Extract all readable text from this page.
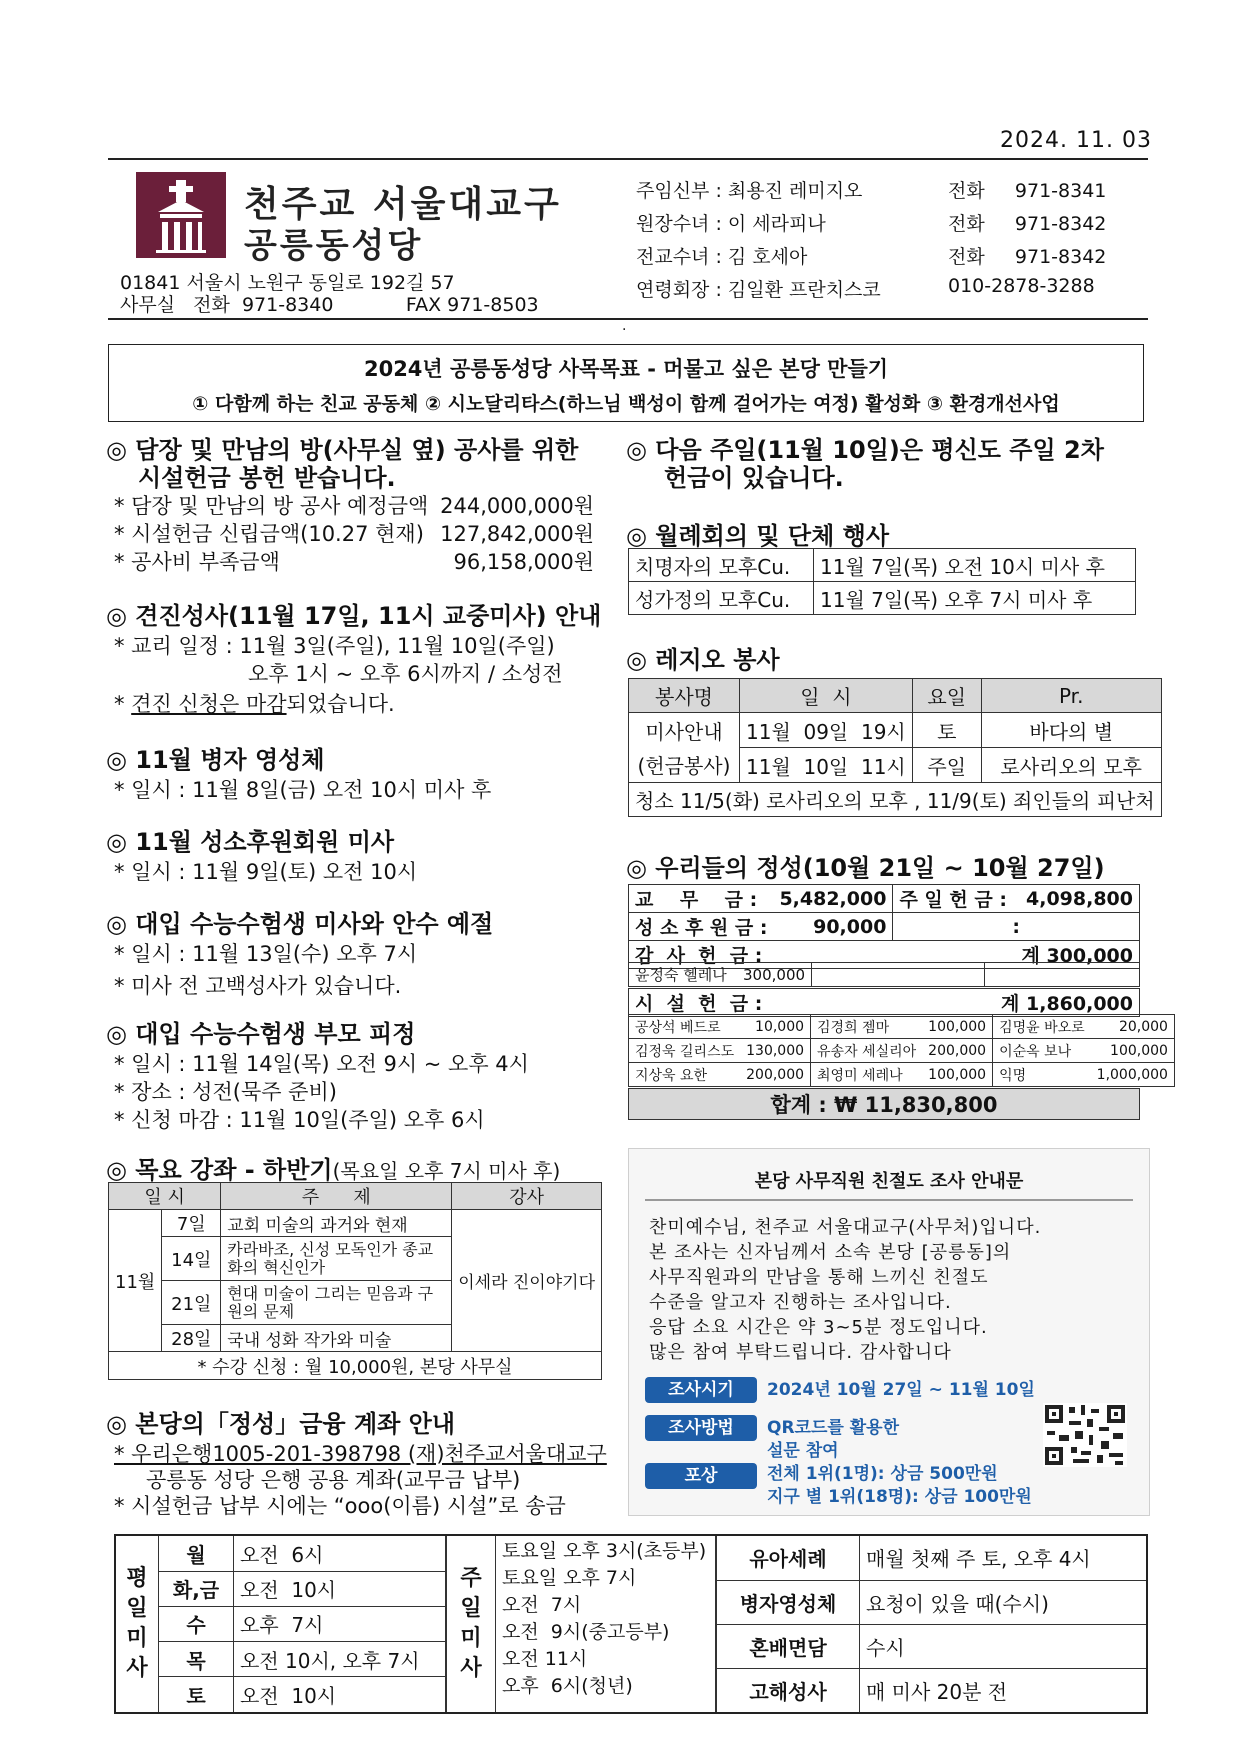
2024. 11. 03
천주교 서울대교구
공릉동성당
01841 서울시 노원구 동일로 192길 57
사무실   전화  971-8340            FAX 971-8503
주임신부 : 최용진 레미지오	전화     971-8341
원장수녀 : 이 세라피나	전화     971-8342
전교수녀 : 김 호세아	전화     971-8342
연령회장 : 김일환 프란치스코	010-2878-3288
.
2024년 공릉동성당 사목목표 - 머물고 싶은 본당 만들기
① 다함께 하는 친교 공동체 ② 시노달리타스(하느님 백성이 함께 걸어가는 여정) 활성화 ③ 환경개선사업
◎ 담장 및 만남의 방(사무실 옆) 공사를 위한
시설헌금 봉헌 받습니다.
* 담장 및 만남의 방 공사 예정금액 244,000,000원
* 시설헌금 신립금액(10.27 현재) 127,842,000원
* 공사비 부족금액	96,158,000원
◎ 견진성사(11월 17일, 11시 교중미사) 안내
* 교리 일정 : 11월 3일(주일), 11월 10일(주일)
오후 1시 ~ 오후 6시까지 / 소성전
* 견진 신청은 마감되었습니다.
◎ 11월 병자 영성체
* 일시 : 11월 8일(금) 오전 10시 미사 후
◎ 11월 성소후원회원 미사
* 일시 : 11월 9일(토) 오전 10시
◎ 대입 수능수험생 미사와 안수 예절
* 일시 : 11월 13일(수) 오후 7시
* 미사 전 고백성사가 있습니다.
◎ 대입 수능수험생 부모 피정
* 일시 : 11월 14일(목) 오전 9시 ~ 오후 4시
* 장소 : 성전(묵주 준비)
* 신청 마감 : 11월 10일(주일) 오후 6시
◎ 목요 강좌 - 하반기(목요일 오후 7시 미사 후)
일 시		주      제	강사
11월	7일	교회 미술의 과거와 현재	이세라 진이야기다
	14일	카라바조, 신성 모독인가 종교화의 혁신인가	
	21일	현대 미술이 그리는 믿음과 구원의 문제	
	28일	국내 성화 작가와 미술	
* 수강 신청 : 월 10,000원, 본당 사무실			
◎ 본당의「정성」금융 계좌 안내
* 우리은행1005-201-398798 (재)천주교서울대교구
공릉동 성당 은행 공용 계좌(교무금 납부)
* 시설헌금 납부 시에는 “ooo(이름) 시설”로 송금
◎ 다음 주일(11월 10일)은 평신도 주일 2차
헌금이 있습니다.
◎ 월례회의 및 단체 행사
치명자의 모후Cu.	11월 7일(목) 오전 10시 미사 후
성가정의 모후Cu.	11월 7일(목) 오후 7시 미사 후
◎ 레지오 봉사
봉사명	일  시	요일	Pr.
미사안내	11월  09일  19시	토	바다의 별
(헌금봉사)	11월  10일  11시	주일	로사리오의 모후
청소 11/5(화) 로사리오의 모후 , 11/9(토) 죄인들의 피난처			
◎ 우리들의 정성(10월 21일 ~ 10월 27일)
교    무    금 :	5,482,000	주 일 헌 금 :	4,098,800
성 소 후 원 금 :	90,000	:	
감  사  헌  금 :		계 300,000	
윤정숙 헬레나	300,000		
시  설  헌  금 :	계 1,860,000
공상석 베드로	10,000	김경희 젬마	100,000	김명윤 바오로	20,000
김정욱 길리스도	130,000	유송자 세실리아	200,000	이순옥 보나	100,000
지상욱 요한	200,000	최영미 세레나	100,000	익명	1,000,000
합계 : ₩ 11,830,800
본당 사무직원 친절도 조사 안내문
찬미예수님, 천주교 서울대교구(사무처)입니다.
본 조사는 신자님께서 소속 본당 [공릉동]의
사무직원과의 만남을 통해 느끼신 친절도
수준을 알고자 진행하는 조사입니다.
응답 소요 시간은 약 3~5분 정도입니다.
많은 참여 부탁드립니다. 감사합니다
조사시기	2024년 10월 27일 ~ 11월 10일
조사방법	QR코드를 활용한
설문 참여
포상	전체 1위(1명): 상금 500만원
지구 별 1위(18명): 상금 100만원
평
일
미
사	월	오전  6시
	화,금	오전  10시
	수	오후  7시
	목	오전 10시, 오후 7시
	토	오전  10시
주
일
미
사

토요일 오후 3시(초등부)
토요일 오후 7시
오전  7시
오전  9시(중고등부)
오전 11시
오후  6시(청년)
유아세례	매월 첫째 주 토, 오후 4시
병자영성체	요청이 있을 때(수시)
혼배면담	수시
고해성사	매 미사 20분 전
